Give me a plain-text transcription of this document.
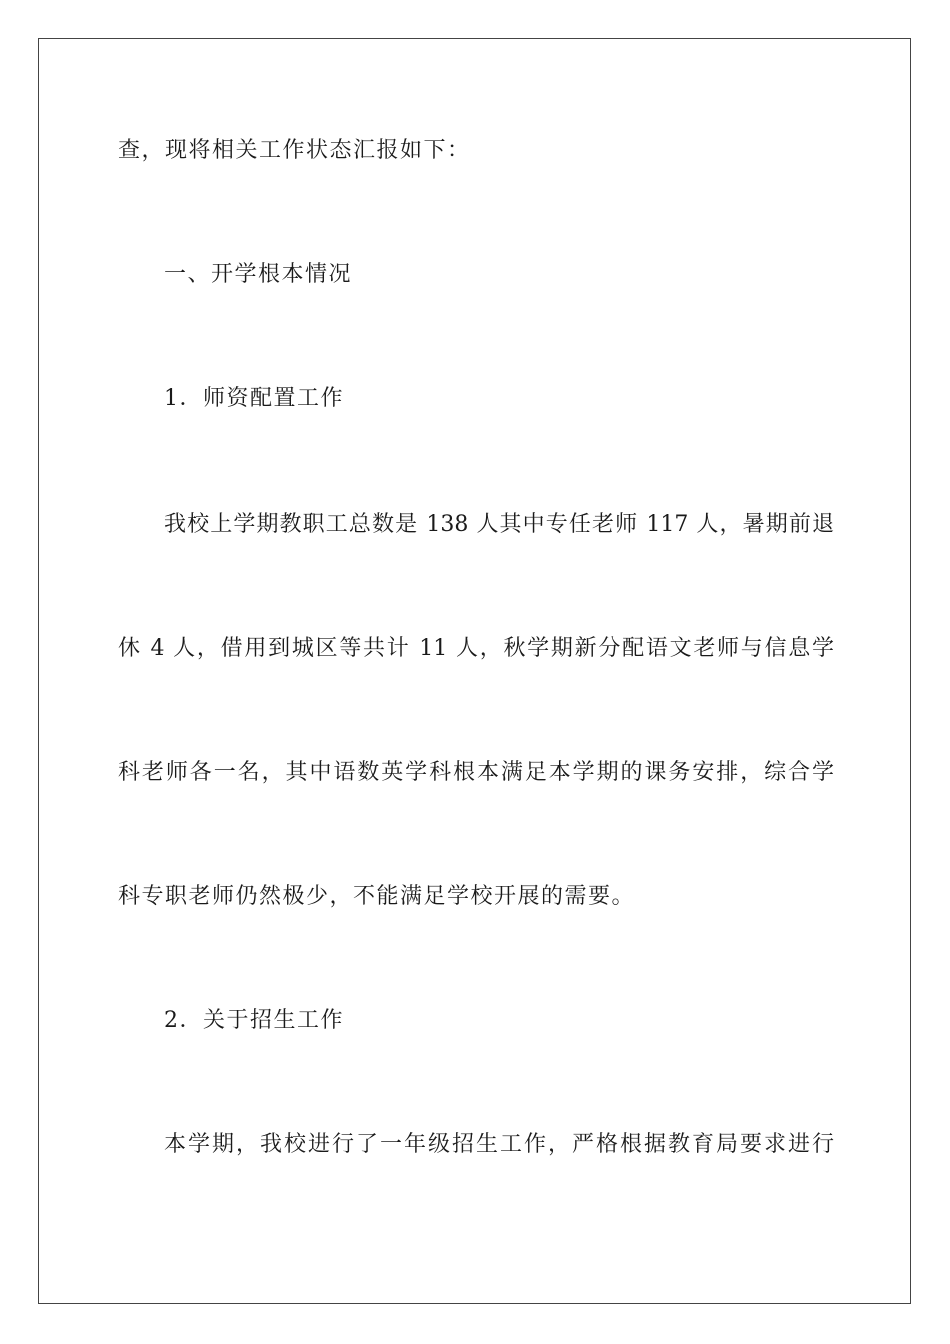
查，现将相关工作状态汇报如下：
一、开学根本情况
1．师资配置工作
我校上学期教职工总数是 138 人其中专任老师 117 人，暑期前退
休 4 人，借用到城区等共计 11 人，秋学期新分配语文老师与信息学
科老师各一名，其中语数英学科根本满足本学期的课务安排，综合学
科专职老师仍然极少，不能满足学校开展的需要。
2．关于招生工作
本学期，我校进行了一年级招生工作，严格根据教育局要求进行
